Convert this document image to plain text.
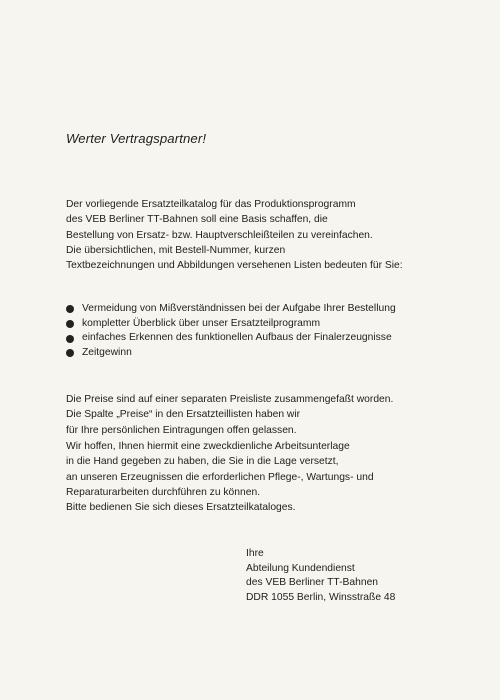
Werter Vertragspartner!

Der vorliegende Ersatzteilkatalog für das Produktionsprogramm
des VEB Berliner TT-Bahnen soll eine Basis schaffen, die
Bestellung von Ersatz- bzw. Hauptverschleißteilen zu vereinfachen.
Die übersichtlichen, mit Bestell-Nummer, kurzen
Textbezeichnungen und Abbildungen versehenen Listen bedeuten für Sie:

Vermeidung von Mißverständnissen bei der Aufgabe Ihrer Bestellung
kompletter Überblick über unser Ersatzteilprogramm
einfaches Erkennen des funktionellen Aufbaus der Finalerzeugnisse
Zeitgewinn

Die Preise sind auf einer separaten Preisliste zusammengefaßt worden.
Die Spalte „Preise“ in den Ersatzteillisten haben wir
für Ihre persönlichen Eintragungen offen gelassen.

Wir hoffen, Ihnen hiermit eine zweckdienliche Arbeitsunterlage
in die Hand gegeben zu haben, die Sie in die Lage versetzt,
an unseren Erzeugnissen die erforderlichen Pflege-, Wartungs- und
Reparaturarbeiten durchführen zu können.
Bitte bedienen Sie sich dieses Ersatzteilkataloges.

Ihre
Abteilung Kundendienst
des VEB Berliner TT-Bahnen
DDR 1055 Berlin, Winsstraße 48
